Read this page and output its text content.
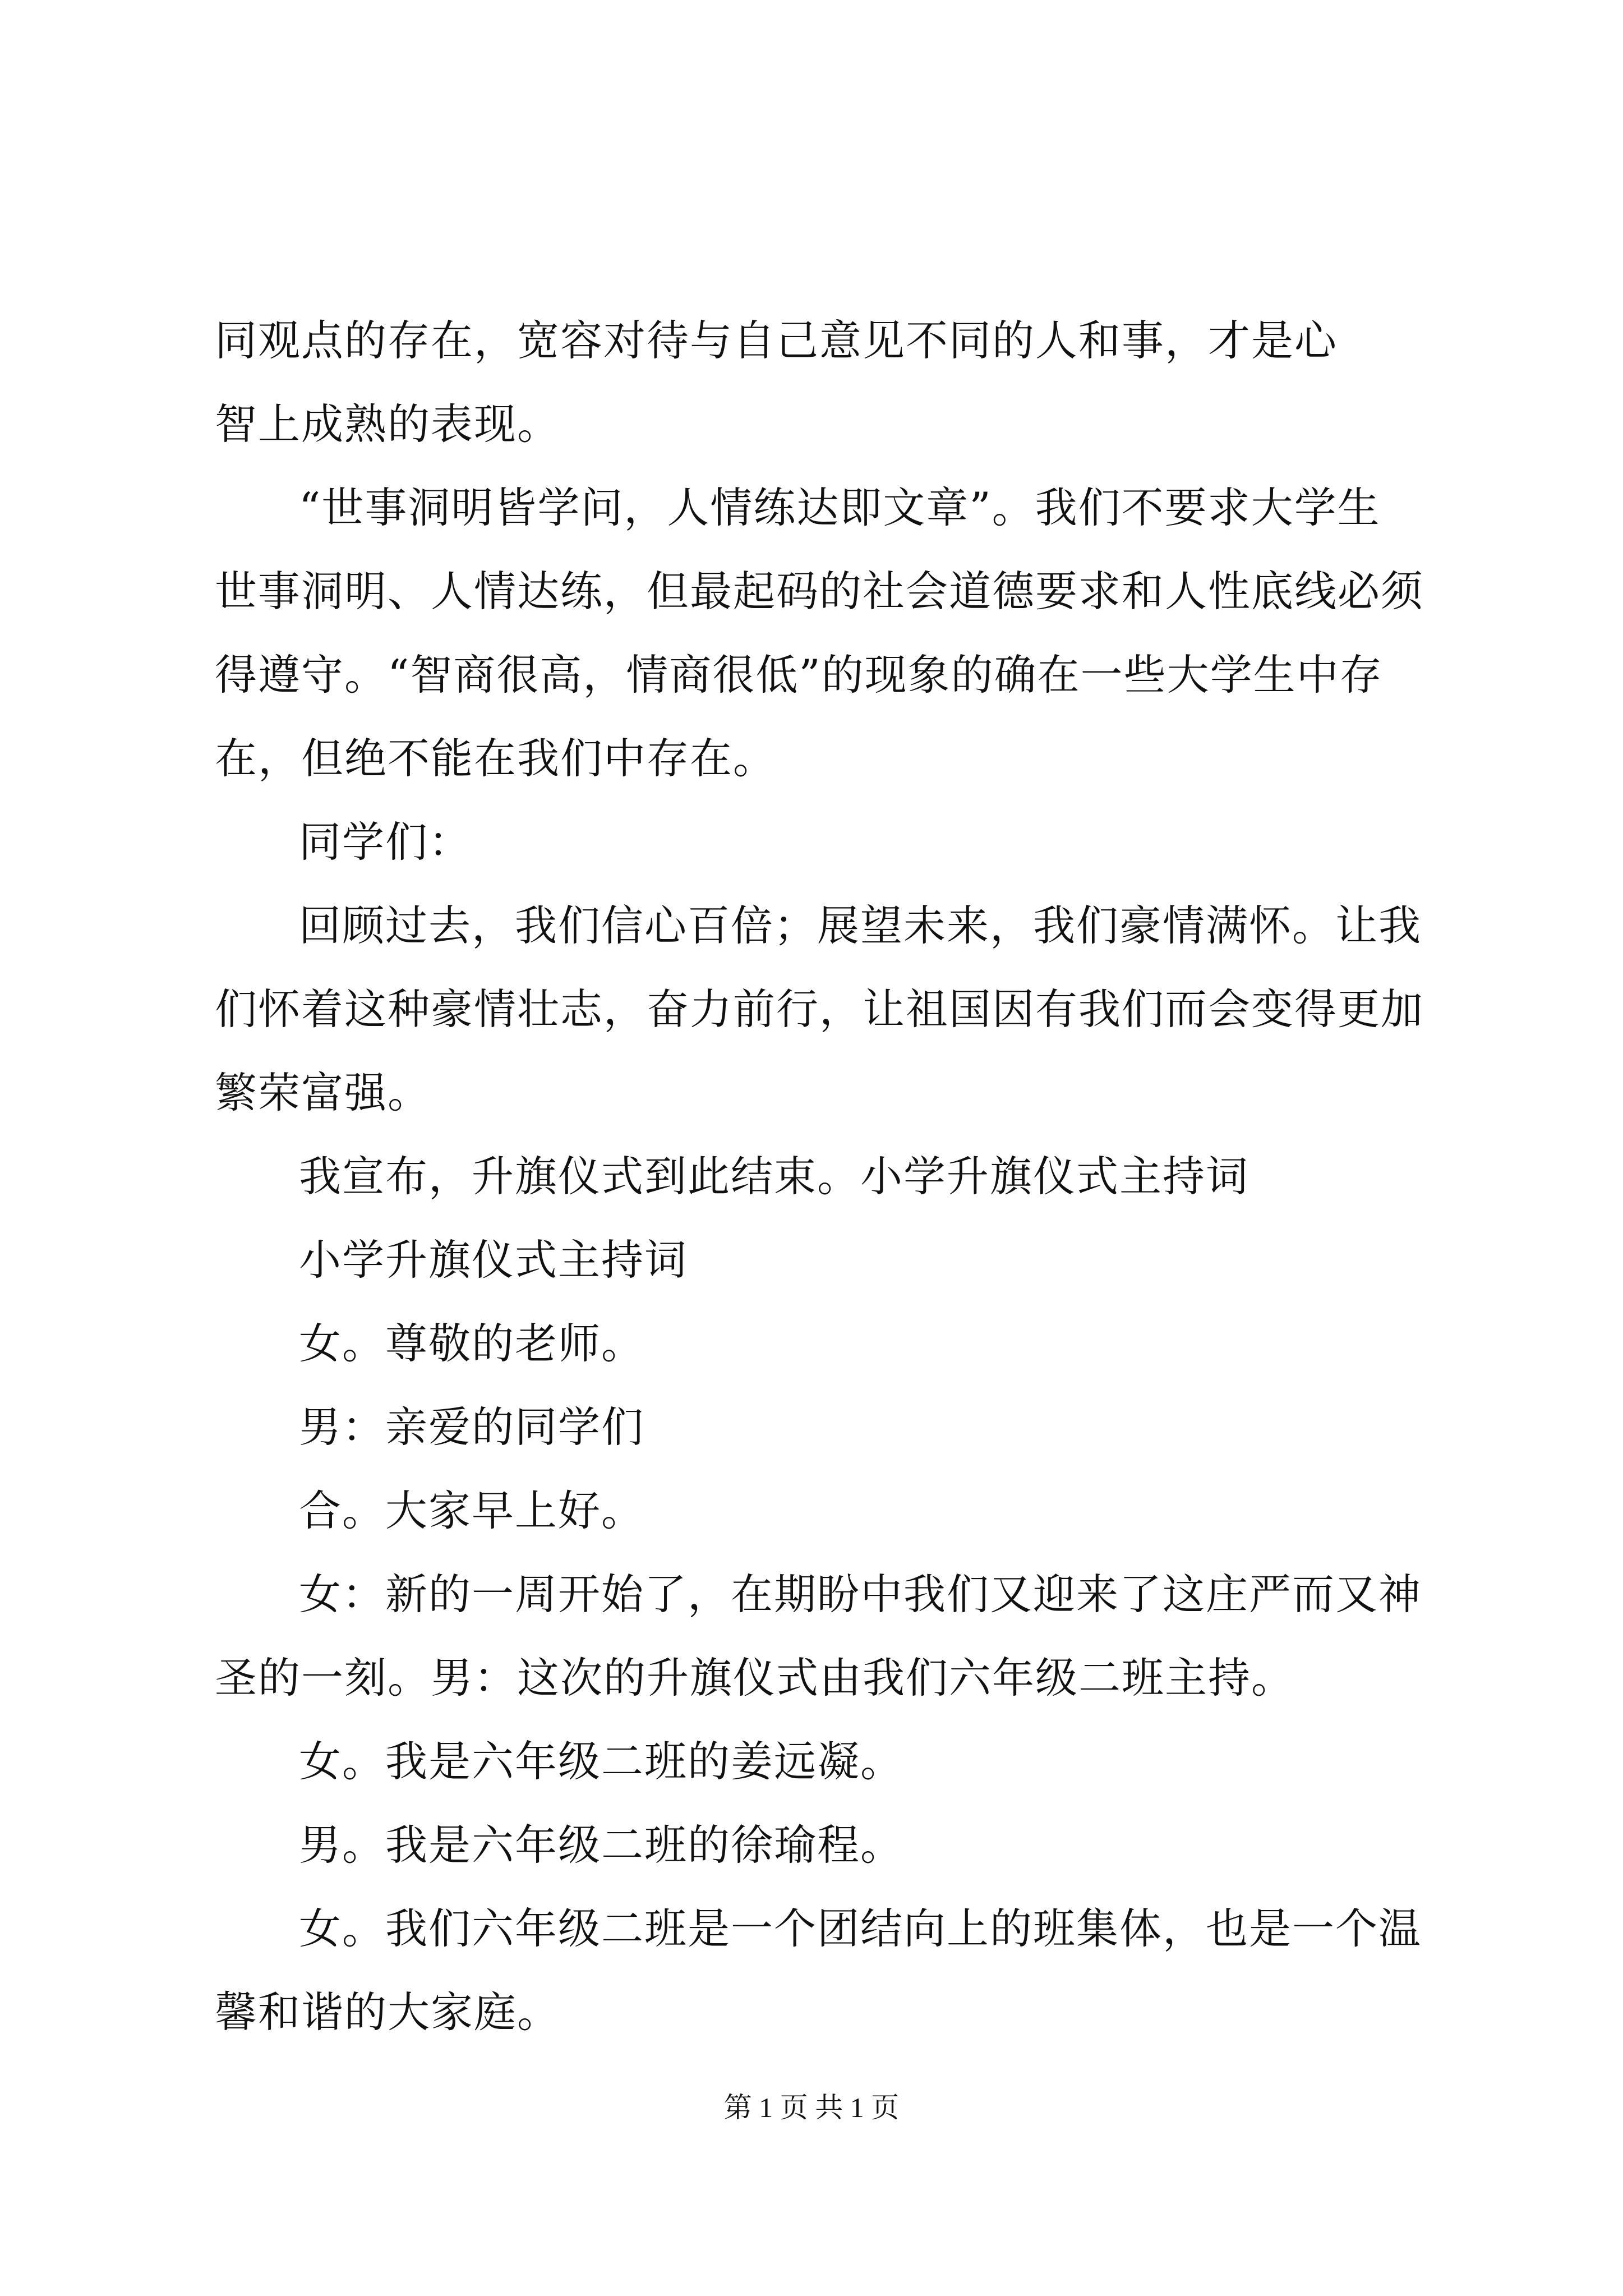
同观点的存在，宽容对待与自己意见不同的人和事，才是心

智上成熟的表现。

“世事洞明皆学问，人情练达即文章”。我们不要求大学生

世事洞明、人情达练，但最起码的社会道德要求和人性底线必须

得遵守。“智商很高，情商很低”的现象的确在一些大学生中存

在，但绝不能在我们中存在。

同学们：

回顾过去，我们信心百倍；展望未来，我们豪情满怀。让我

们怀着这种豪情壮志，奋力前行，让祖国因有我们而会变得更加

繁荣富强。

我宣布，升旗仪式到此结束。小学升旗仪式主持词

小学升旗仪式主持词

女。尊敬的老师。

男：亲爱的同学们

合。大家早上好。

女：新的一周开始了，在期盼中我们又迎来了这庄严而又神

圣的一刻。男：这次的升旗仪式由我们六年级二班主持。

女。我是六年级二班的姜远凝。

男。我是六年级二班的徐瑜程。

女。我们六年级二班是一个团结向上的班集体，也是一个温

馨和谐的大家庭。

第 1 页 共 1 页
